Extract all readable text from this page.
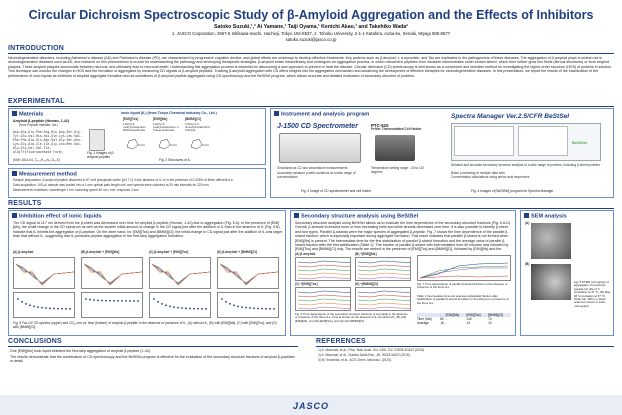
Circular Dichroism Spectroscopic Study of β-Amyloid Aggregation and the Effects of Inhibitors
Satoko Suzuki,¹,² Ai Yamane,¹ Taiji Oyama,¹ Kenichi Akao,¹ and Takehiko Wada²
1. JASCO Corporation, 2967-5 Ishikawa-machi, Hachioji, Tokyo 192-8537, 2. Tohoku University, 2-1-1 Katahira, Aoba-ku, Sendai, Miyagi 980-8577
satoko.suzuki@jasco.co.jp
INTRODUCTION
Neurodegenerative disorders, including Alzheimer's disease (AD) and Parkinson's disease (PD), are characterized by progressive cognitive decline, and global efforts are underway to develop effective treatments. Key proteins such as β-amyloid, τ, α-synuclein, and Tau are implicated in the pathogenesis of these diseases. The aggregation of β-amyloid plays a central role in neurodegenerative diseases such as AD, and research on this phenomenon is crucial for understanding the pathology and developing therapeutic strategies. β-amyloid exists intracellularly and undergoes an aggregation process, in which monomeric peptides form insoluble intermediates under certain stimuli, which then further grow into fibrils (fibrous structures) or form amyloid plaques. These amyloid plaques accumulate between neurons, and ultimately lead to neuronal death. Understanding this aggregation process is essential for discovering a new approach to prevent or treat the disease. Circular dichroism (CD) spectroscopy is well known as a convenient and sensitive method for investigating the higher-order structure (HOS) of proteins in solution. This technique can monitor the changes in HOS and the formation of aggregates by measuring CD signals of β-amyloid peptides. Tracking β-amyloid aggregation with CD offers insights into the aggregation mechanism and advancing the development of effective therapies for neurodegenerative diseases. In this presentation, we report the results of the examination of the performance of ionic liquids as inhibitors of amyloid aggregate formation and as solubilizers of β-amyloid peptide aggregates using CD spectroscopy and the BeStSel program, which allows accurate and detailed evaluation of secondary structure of proteins.
EXPERIMENTAL
Materials
Amyloid β-peptide (Human, 1-42)
(from Peptide Institute, Inc.)
Asp-Ala-Glu-Phe-Arg-His-Asp-Ser-Gly-Tyr-Glu-Val-His-His-Gln-Lys-Leu-Val-Phe-Phe-Ala-Glu-Asp-Val-Gly-Ser-Asn-Lys-Gly-Ala-Ile-Ile-Gly-Leu-Met-Val-Gly-Gly-Val-Val-Ile-Ala(Trifluoroacetate form)
(MW: 4514.04, C₂₀₃H₃₁₁N₅₅O₆₀S)
Fig. 1 Images of β-amyloid peptide
Ionic liquid (IL) (from Tokyo Chemical Industry Co., Ltd.)
[EMI][Tos]	[EMI][Ms]	[BMMI][Cl]
1-Ethyl-3-methylimidazolium Methanesulfonate
1-Ethyl-3-methylimidazolium p-Toluenesulfonate
1-Butyl-2,3-dimethylimidazolium Chloride
Fig. 2 Structures of IL
Instrument and analysis program
J-1500 CD Spectrometer	PTC-510
Peltier Thermostatted Cell Holder
Simultaneous CD and absorbance measurements
Accurately measure protein solutions at a wide range of concentrations
Temperature setting range: -40 to 110 degrees
Fig. 3 Image of CD spectrometer and cell holder
Spectra Manager Ver.2.5/CFR BeStSel
BeStSel
Detailed and accurate secondary structure analysis of a wide range of proteins, including β-sheet proteins
Batch processing of multiple data sets
Concentration calculations using amino acid sequences
Fig. 4 Images of [BeStSel] program for Spectra Manager
Measurement method
Sample preparation: β-amyloid peptide dissolved in 67 mM phosphate buffer (pH 7.2) in the absence of IL or in the presence of 0.005% of three different ILs.
Data acquisition: 100 µL sample was loaded into a 1 mm optical path length cell, and spectra were collected at 20 min intervals for 320 min.
Measurement conditions: wavelength 1 nm, scanning speed 50 nm / min, response 2 sec.
RESULTS
Inhibition effect of ionic liquids
The CD signal at 217 nm derived from the β-sheet was decreased over time for amyloid β-peptide (Human, 1-42) due to aggregation (Fig. 5 A). In the presence of [EMI][Ms], the small change in the CD spectrum as well as the smaller initial amount of change in the CD signal just after the addition of IL than in the absence of IL (Fig. 5 B) indicate that IL inhibits the aggregation of β-peptide. On the other hand, for [EMI][Tos] and [BMMI][Cl], the initial change in CD signal just after the addition of IL was larger than that without IL, suggesting that IL promotes peptide aggregation in the first-step aggregation formation.
(A) β-amyloid	(B) β-amyloid + [EMI][Ms]	(C) β-amyloid + [EMI][Tos]	(D) β-amyloid + [BMMI][Cl]
Fig. 5 Far-UV CD spectra (upper) and CD₂₁₇nm vs. time (bottom) of amyloid β-peptide in the absence or presence of IL. (A) without IL, (B) with [EMI][Ms], (C) with [EMI][Tos], and (D) with [BMMI][Cl].
Secondary structure analysis using BeStSel
Secondary structure analysis using BeStSel allows us to evaluate the time dependence of the secondary structure fractions (Fig. 6 A-D). Overall, β-strands increased more or less increasing helix and while strands decreased over time. It is also possible to identify β-sheet and turn types. Parallel β-strands were the major species of aggregated β-peptide. Fig. 7 shows the time dependence of the parallel β-strand fraction, which is especially important during aggregate formation. This result indicates that parallel β-strand is not formed when [EMI][Ms] is present. The intermediate time for the first stabilization of parallel β-strand formation and the average value of parallel β-strand fraction after the first stabilization (Table 1). The fraction of parallel β-strand with intermediates from 80 minutes was followed by [EMI][Tos] and [BMMI][Cl] only. The results are ranked in the presence of [EMI][Tos] and [BMMI][Cl], followed by [EMI][Ms] and the
(A) β-amyloid	(B) +[EMI][Ms]
(C) +[EMI][Tos]	(D) +[BMMI][Cl]
Fig. 6 Time dependence of the secondary structure fractions of β-peptide in the absence or presence of the three ILs. Time is shown as the absence of IL (A) without IL, (B) with [EMI][Ms], (C) with [EMI][Tos], and (D) with [BMMI][Cl].
Fig. 7 Time dependence of parallel β-strand fractions in the absence or presence of the three ILs.
Table 1 Intermediate time and average antiparallel fraction after stabilization of parallel β-strand formation in the absence or presence of the three ILs.
	-	[EMI][Ms]	[EMI][Tos]	[BMMI][Cl]
Time (min)	80	-	140	70
Average	16	-	13	10
SEM analysis
(A)
(B)
Fig. 8 STEM micrograph of aggregates of amyloid β-peptide (A) after 0 h incubation at 37 °C, (B) after 96 h incubation at 37 °C. Scale bar: 500 nm. Each scale bar shown in each micrograph.
CONCLUSIONS
One [EMI][Ms] ionic liquid inhibited the first-step aggregation of amyloid β-peptide (1-42).
The results demonstrate that the combination of CD spectroscopy and the BeStSel program is effective for the evaluation of the secondary structure fractions of amyloid β-peptides in detail.
REFERENCES
1) A. Micsonai, et al., Proc. Natl. Acad. Sci. USA, 112, E3095-E3103 (2015).
2) A. Micsonai, et al., Nucleic Acids Res., 46, W315-W322 (2018).
3) M. Kinoshita, et al., ACS Chem. Neurosci. (2023).
JASCO
